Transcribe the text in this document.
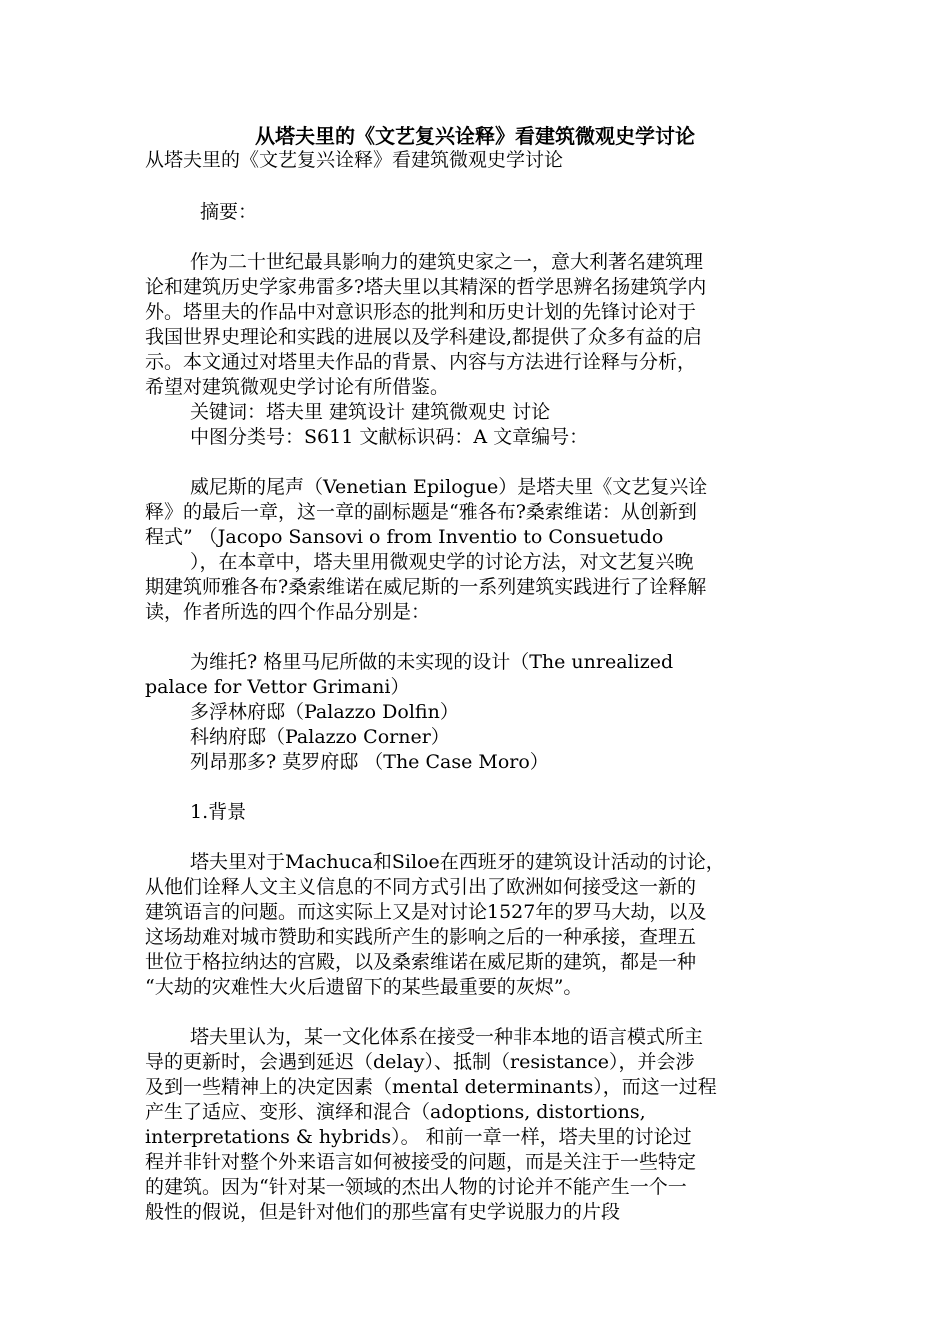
从塔夫里的《文艺复兴诠释》看建筑微观史学讨论
从塔夫里的《文艺复兴诠释》看建筑微观史学讨论
摘要：
作为二十世纪最具影响力的建筑史家之一，意大利著名建筑理
论和建筑历史学家弗雷多?塔夫里以其精深的哲学思辨名扬建筑学内
外。塔里夫的作品中对意识形态的批判和历史计划的先锋讨论对于
我国世界史理论和实践的进展以及学科建设,都提供了众多有益的启
示。本文通过对塔里夫作品的背景、内容与方法进行诠释与分析，
希望对建筑微观史学讨论有所借鉴。
关键词：塔夫里 建筑设计 建筑微观史 讨论
中图分类号：S611 文献标识码：A 文章编号：
威尼斯的尾声（Venetian Epilogue）是塔夫里《文艺复兴诠
释》的最后一章，这一章的副标题是“雅各布?桑索维诺：从创新到
程式” （Jacopo Sansovi o from Inventio to Consuetudo
），在本章中，塔夫里用微观史学的讨论方法，对文艺复兴晚
期建筑师雅各布?桑索维诺在威尼斯的一系列建筑实践进行了诠释解
读，作者所选的四个作品分别是：
为维托? 格里马尼所做的未实现的设计（The unrealized
palace for Vettor Grimani）
多浮林府邸（Palazzo Dolfin）
科纳府邸（Palazzo Corner）
列昂那多? 莫罗府邸 （The Case Moro）
1.背景
塔夫里对于Machuca和Siloe在西班牙的建筑设计活动的讨论，
从他们诠释人文主义信息的不同方式引出了欧洲如何接受这一新的
建筑语言的问题。而这实际上又是对讨论1527年的罗马大劫，以及
这场劫难对城市赞助和实践所产生的影响之后的一种承接，查理五
世位于格拉纳达的宫殿，以及桑索维诺在威尼斯的建筑，都是一种
“大劫的灾难性大火后遗留下的某些最重要的灰烬”。
塔夫里认为，某一文化体系在接受一种非本地的语言模式所主
导的更新时，会遇到延迟（delay）、抵制（resistance），并会涉
及到一些精神上的决定因素（mental determinants），而这一过程
产生了适应、变形、演绎和混合（adoptions, distortions,
interpretations & hybrids）。 和前一章一样，塔夫里的讨论过
程并非针对整个外来语言如何被接受的问题，而是关注于一些特定
的建筑。因为“针对某一领域的杰出人物的讨论并不能产生一个一
般性的假说，但是针对他们的那些富有史学说服力的片段
